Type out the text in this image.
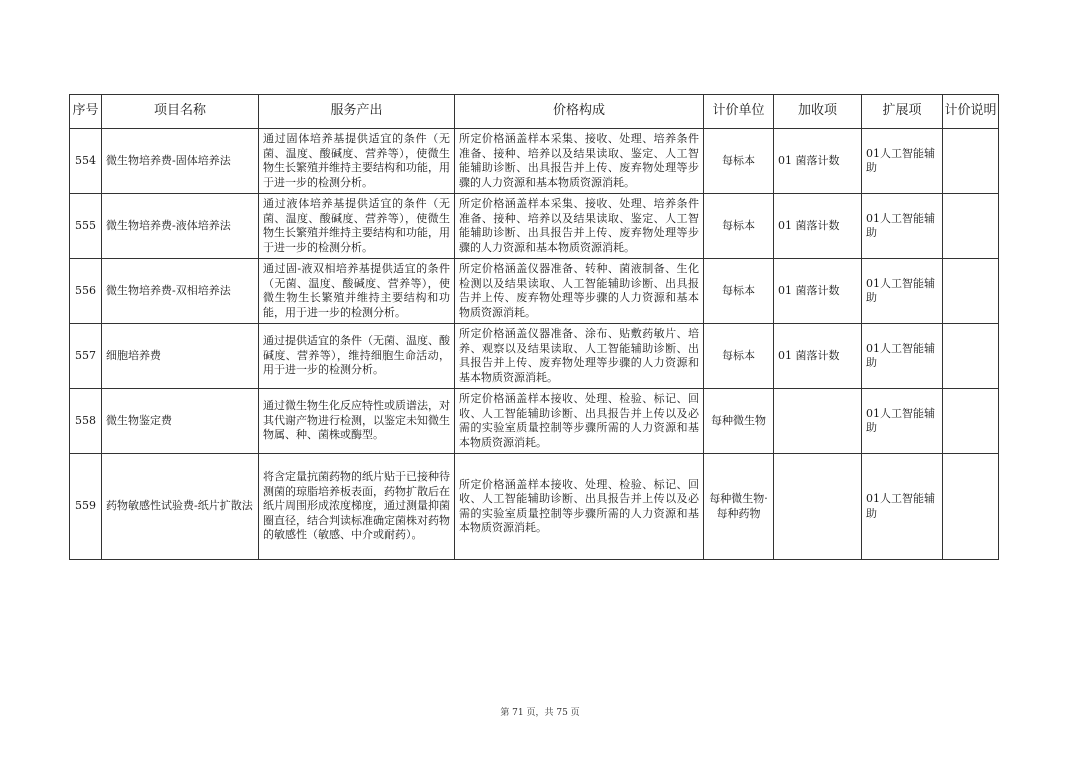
序号	项目名称	服务产出	价格构成	计价单位	加收项	扩展项	计价说明
554	微生物培养费-固体培养法	通过固体培养基提供适宜的条件（无菌、温度、酸碱度、营养等），使微生物生长繁殖并维持主要结构和功能，用于进一步的检测分析。	所定价格涵盖样本采集、接收、处理、培养条件准备、接种、培养以及结果读取、鉴定、人工智能辅助诊断、出具报告并上传、废弃物处理等步骤的人力资源和基本物质资源消耗。	每标本	01 菌落计数	01人工智能辅助	
555	微生物培养费-液体培养法	通过液体培养基提供适宜的条件（无菌、温度、酸碱度、营养等），使微生物生长繁殖并维持主要结构和功能，用于进一步的检测分析。	所定价格涵盖样本采集、接收、处理、培养条件准备、接种、培养以及结果读取、鉴定、人工智能辅助诊断、出具报告并上传、废弃物处理等步骤的人力资源和基本物质资源消耗。	每标本	01 菌落计数	01人工智能辅助	
556	微生物培养费-双相培养法	通过固-液双相培养基提供适宜的条件（无菌、温度、酸碱度、营养等），使微生物生长繁殖并维持主要结构和功能，用于进一步的检测分析。	所定价格涵盖仪器准备、转种、菌液制备、生化检测以及结果读取、人工智能辅助诊断、出具报告并上传、废弃物处理等步骤的人力资源和基本物质资源消耗。	每标本	01 菌落计数	01人工智能辅助	
557	细胞培养费	通过提供适宜的条件（无菌、温度、酸碱度、营养等），维持细胞生命活动，用于进一步的检测分析。	所定价格涵盖仪器准备、涂布、贴敷药敏片、培养、观察以及结果读取、人工智能辅助诊断、出具报告并上传、废弃物处理等步骤的人力资源和基本物质资源消耗。	每标本	01 菌落计数	01人工智能辅助	
558	微生物鉴定费	通过微生物生化反应特性或质谱法，对其代谢产物进行检测，以鉴定未知微生物属、种、菌株或酶型。	所定价格涵盖样本接收、处理、检验、标记、回收、人工智能辅助诊断、出具报告并上传以及必需的实验室质量控制等步骤所需的人力资源和基本物质资源消耗。	每种微生物		01人工智能辅助	
559	药物敏感性试验费-纸片扩散法	将含定量抗菌药物的纸片贴于已接种待测菌的琼脂培养板表面，药物扩散后在纸片周围形成浓度梯度，通过测量抑菌圈直径，结合判读标准确定菌株对药物的敏感性（敏感、中介或耐药）。	所定价格涵盖样本接收、处理、检验、标记、回收、人工智能辅助诊断、出具报告并上传以及必需的实验室质量控制等步骤所需的人力资源和基本物质资源消耗。	每种微生物·每种药物		01人工智能辅助	
第 71 页，共 75 页
